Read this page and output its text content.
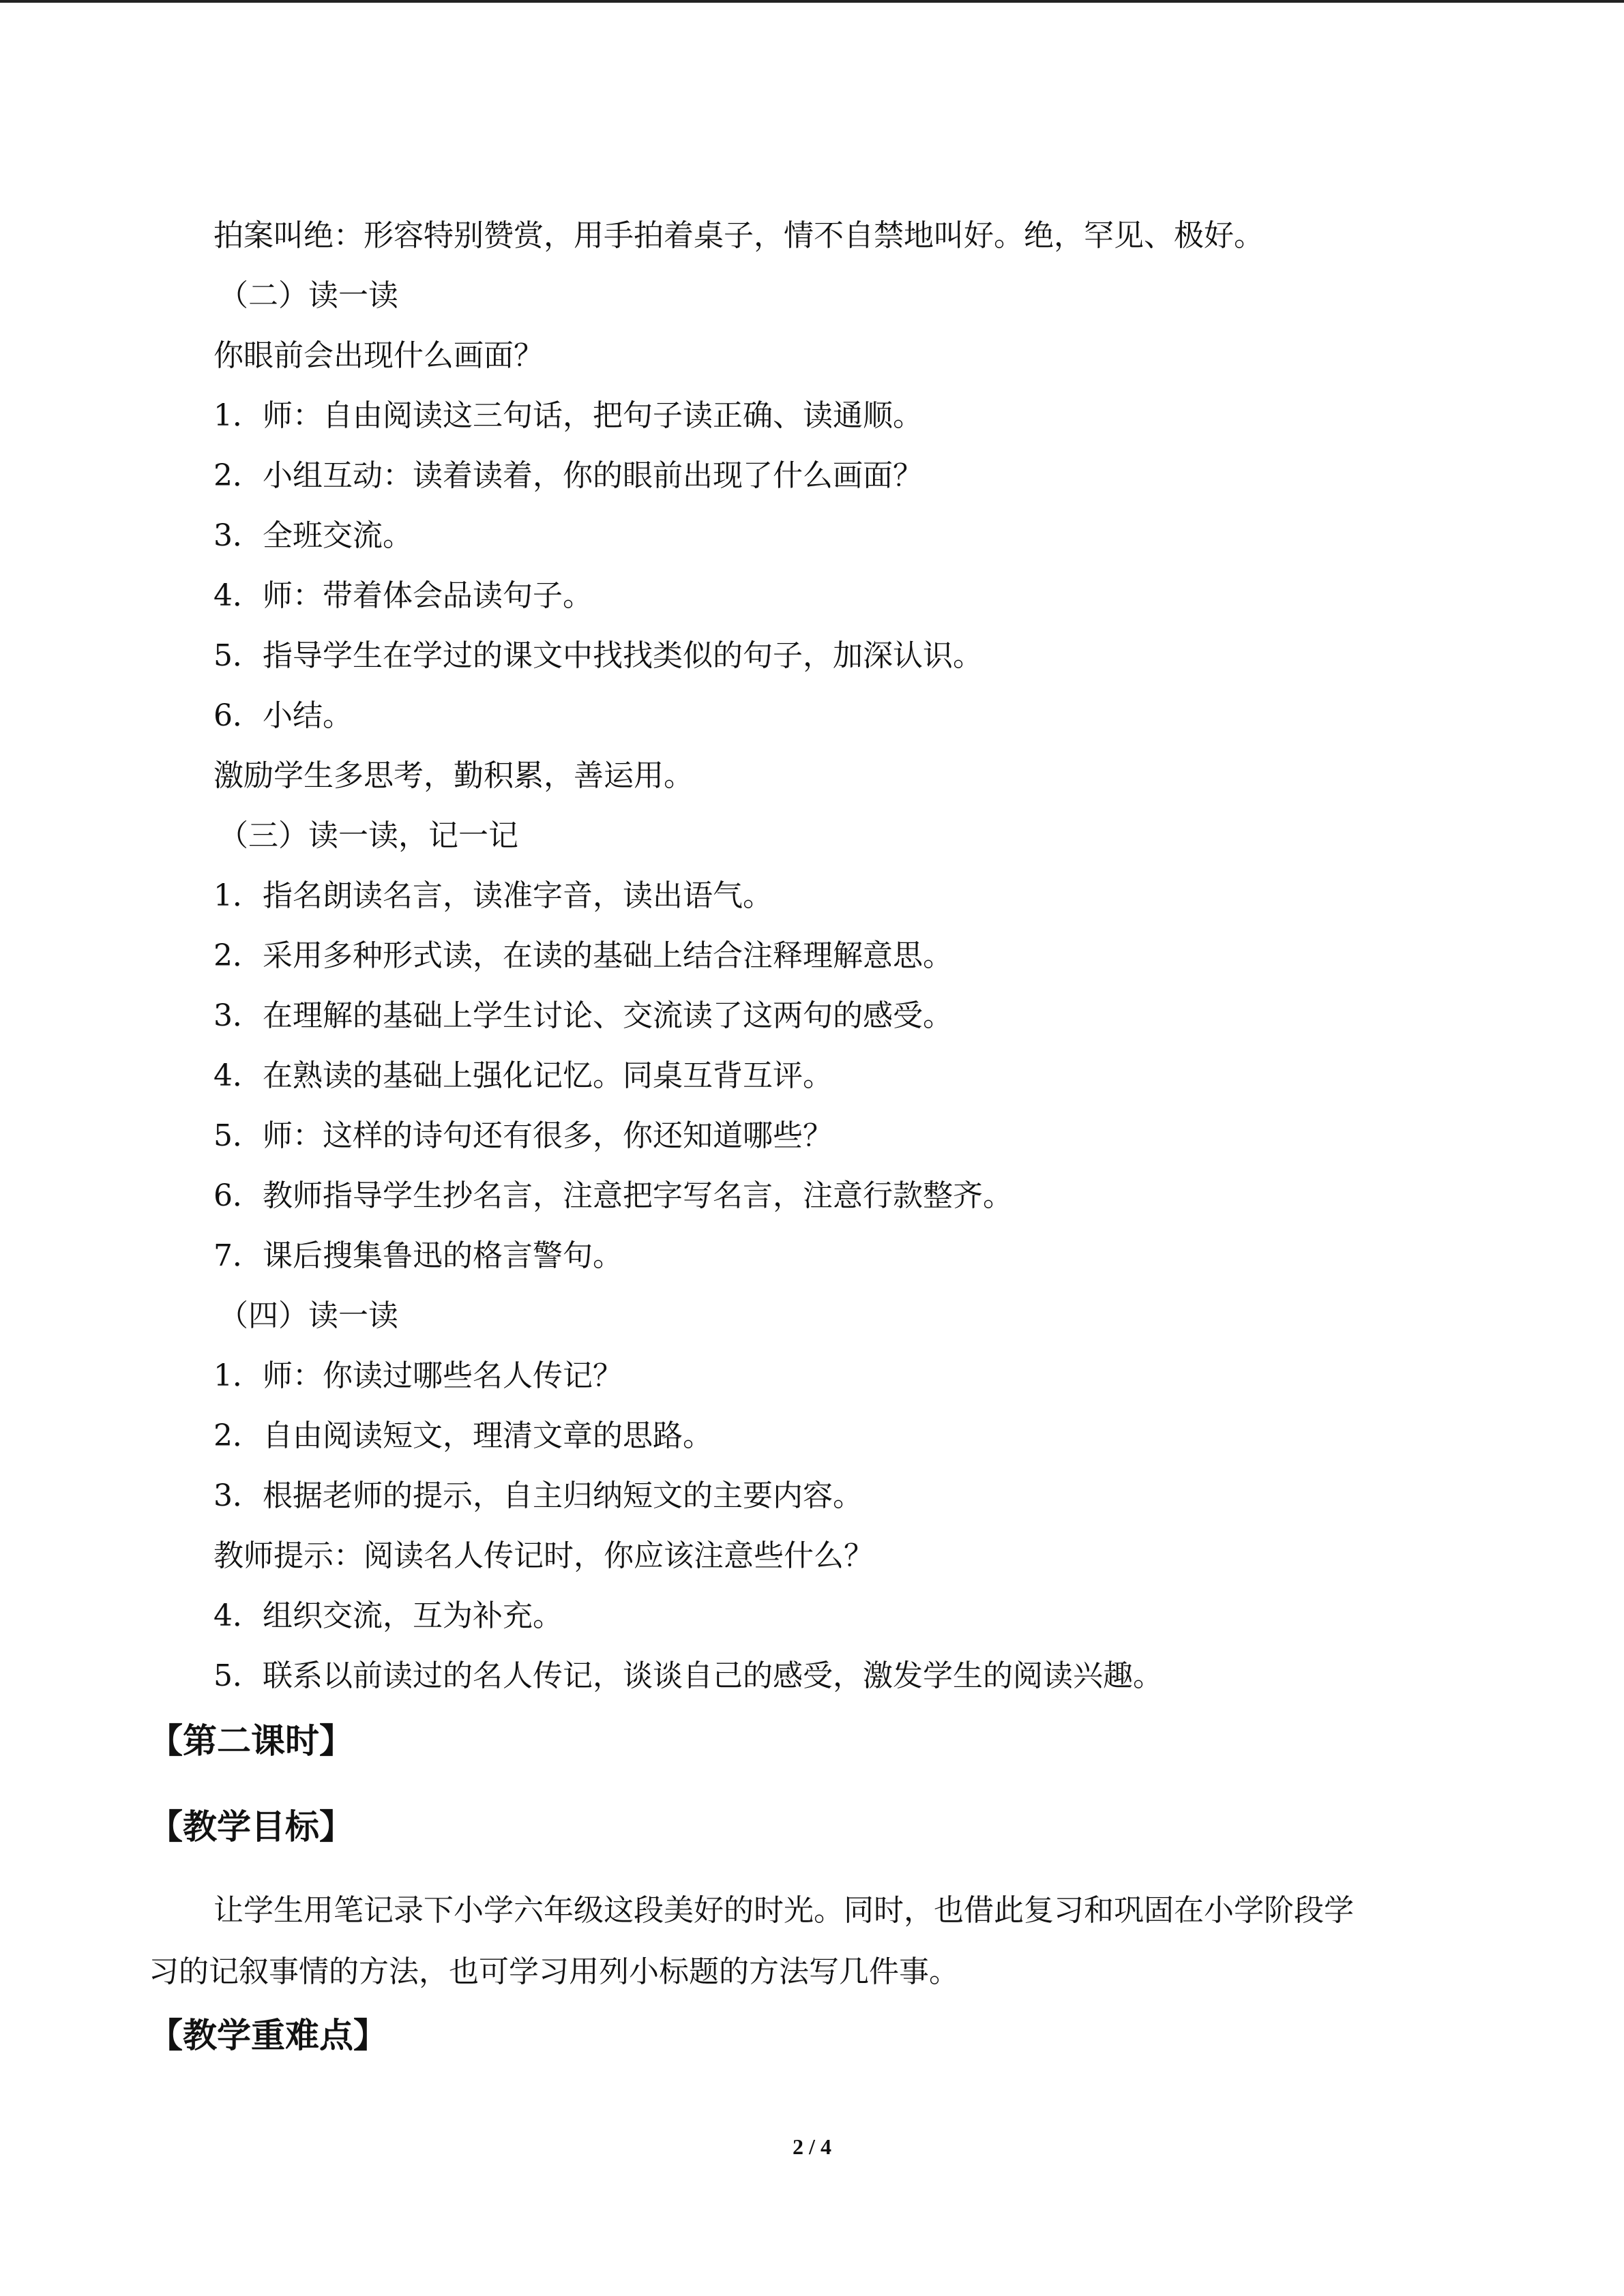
拍案叫绝：形容特别赞赏，用手拍着桌子，情不自禁地叫好。绝，罕见、极好。
（二）读一读
你眼前会出现什么画面？
1．师：自由阅读这三句话，把句子读正确、读通顺。
2．小组互动：读着读着，你的眼前出现了什么画面？
3．全班交流。
4．师：带着体会品读句子。
5．指导学生在学过的课文中找找类似的句子，加深认识。
6．小结。
激励学生多思考，勤积累，善运用。
（三）读一读，记一记
1．指名朗读名言，读准字音，读出语气。
2．采用多种形式读，在读的基础上结合注释理解意思。
3．在理解的基础上学生讨论、交流读了这两句的感受。
4．在熟读的基础上强化记忆。同桌互背互评。
5．师：这样的诗句还有很多，你还知道哪些？
6．教师指导学生抄名言，注意把字写名言，注意行款整齐。
7．课后搜集鲁迅的格言警句。
（四）读一读
1．师：你读过哪些名人传记？
2．自由阅读短文，理清文章的思路。
3．根据老师的提示，自主归纳短文的主要内容。
教师提示：阅读名人传记时，你应该注意些什么？
4．组织交流，互为补充。
5．联系以前读过的名人传记，谈谈自己的感受，激发学生的阅读兴趣。
【第二课时】
【教学目标】
让学生用笔记录下小学六年级这段美好的时光。同时，也借此复习和巩固在小学阶段学
习的记叙事情的方法，也可学习用列小标题的方法写几件事。
【教学重难点】
2 / 4
